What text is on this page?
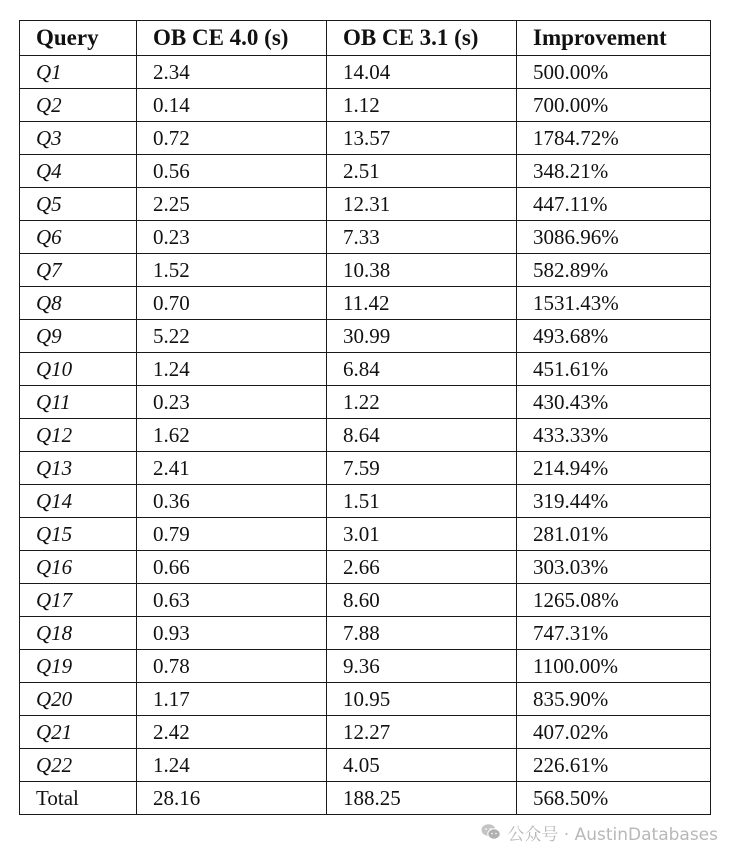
Query	OB CE 4.0 (s)	OB CE 3.1 (s)	Improvement
Q1	2.34	14.04	500.00%
Q2	0.14	1.12	700.00%
Q3	0.72	13.57	1784.72%
Q4	0.56	2.51	348.21%
Q5	2.25	12.31	447.11%
Q6	0.23	7.33	3086.96%
Q7	1.52	10.38	582.89%
Q8	0.70	11.42	1531.43%
Q9	5.22	30.99	493.68%
Q10	1.24	6.84	451.61%
Q11	0.23	1.22	430.43%
Q12	1.62	8.64	433.33%
Q13	2.41	7.59	214.94%
Q14	0.36	1.51	319.44%
Q15	0.79	3.01	281.01%
Q16	0.66	2.66	303.03%
Q17	0.63	8.60	1265.08%
Q18	0.93	7.88	747.31%
Q19	0.78	9.36	1100.00%
Q20	1.17	10.95	835.90%
Q21	2.42	12.27	407.02%
Q22	1.24	4.05	226.61%
Total	28.16	188.25	568.50%
公众号 · AustinDatabases
